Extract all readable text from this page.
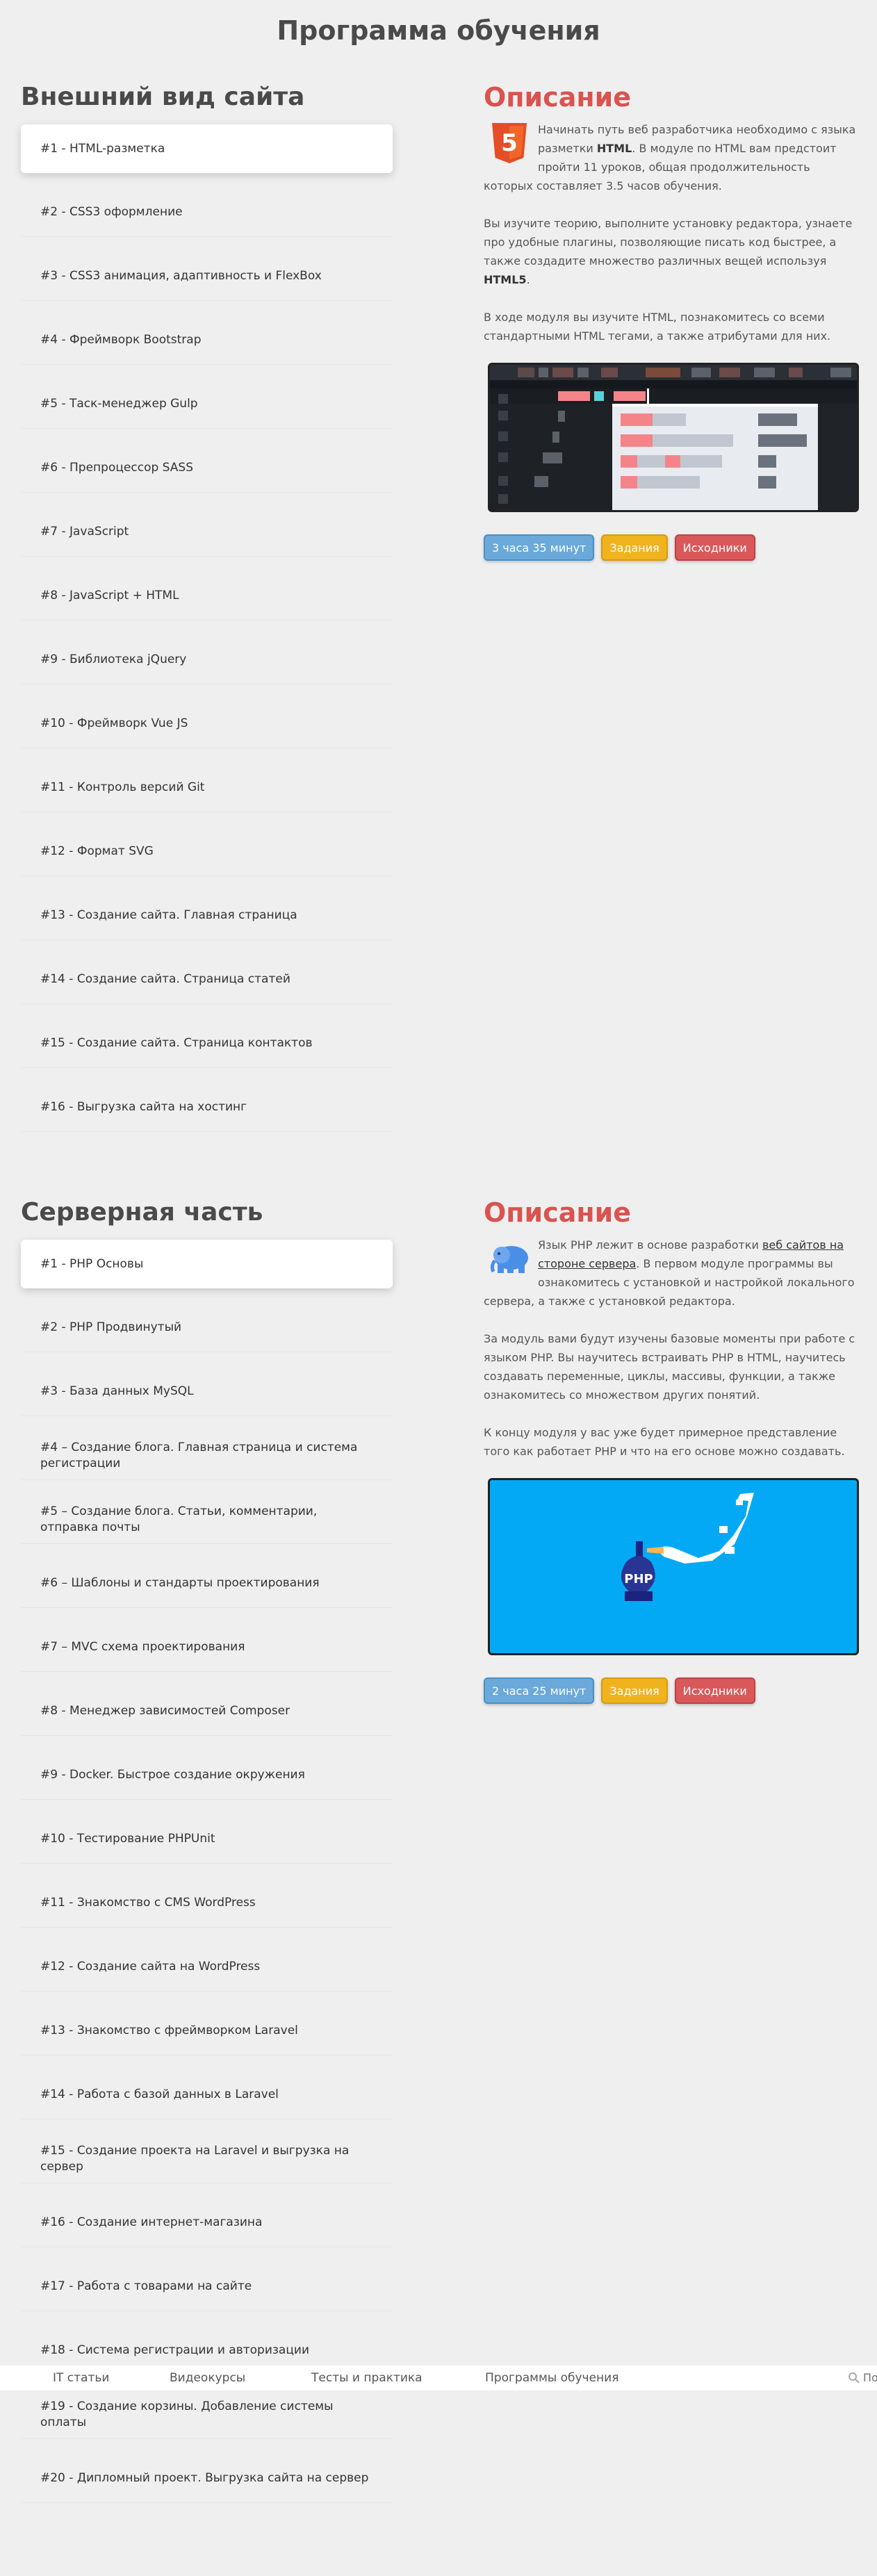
Программа обучения
Внешний вид сайта
#1 - HTML-разметка
#2 - CSS3 оформление
#3 - CSS3 анимация, адаптивность и FlexBox
#4 - Фреймворк Bootstrap
#5 - Таск-менеджер Gulp
#6 - Препроцессор SASS
#7 - JavaScript
#8 - JavaScript + HTML
#9 - Библиотека jQuery
#10 - Фреймворк Vue JS
#11 - Контроль версий Git
#12 - Формат SVG
#13 - Создание сайта. Главная страница
#14 - Создание сайта. Страница статей
#15 - Создание сайта. Страница контактов
#16 - Выгрузка сайта на хостинг
Описание

5 Начинать путь веб разработчика необходимо с языка разметки HTML. В модуле по HTML вам предстоит пройти 11 уроков, общая продолжительность которых составляет 3.5 часов обучения.

Вы изучите теорию, выполните установку редактора, узнаете про удобные плагины, позволяющие писать код быстрее, а также создадите множество различных вещей используя HTML5.

В ходе модуля вы изучите HTML, познакомитесь со всеми стандартными HTML тегами, а также атрибутами для них.

3 часа 35 минут	Задания	Исходники
Серверная часть
#1 - PHP Основы
#2 - PHP Продвинутый
#3 - База данных MySQL
#4 – Создание блога. Главная страница и система регистрации
#5 – Создание блога. Статьи, комментарии, отправка почты
#6 – Шаблоны и стандарты проектирования
#7 – MVC схема проектирования
#8 - Менеджер зависимостей Composer
#9 - Docker. Быстрое создание окружения
#10 - Тестирование PHPUnit
#11 - Знакомство с CMS WordPress
#12 - Создание сайта на WordPress
#13 - Знакомство с фреймворком Laravel
#14 - Работа с базой данных в Laravel
#15 - Создание проекта на Laravel и выгрузка на сервер
#16 - Создание интернет-магазина
#17 - Работа с товарами на сайте
#18 - Система регистрации и авторизации
#19 - Создание корзины. Добавление системы оплаты
#20 - Дипломный проект. Выгрузка сайта на сервер
Описание

Язык PHP лежит в основе разработки веб сайтов на стороне сервера. В первом модуле программы вы ознакомитесь с установкой и настройкой локального сервера, а также с установкой редактора.

За модуль вами будут изучены базовые моменты при работе с языком PHP. Вы научитесь встраивать PHP в HTML, научитесь создавать переменные, циклы, массивы, функции, а также ознакомитесь со множеством других понятий.

К концу модуля у вас уже будет примерное представление того как работает PHP и что на его основе можно создавать.

PHP
2 часа 25 минут	Задания	Исходники
IT статьи	Видеокурсы	Тесты и практика	Программы обучения
По
